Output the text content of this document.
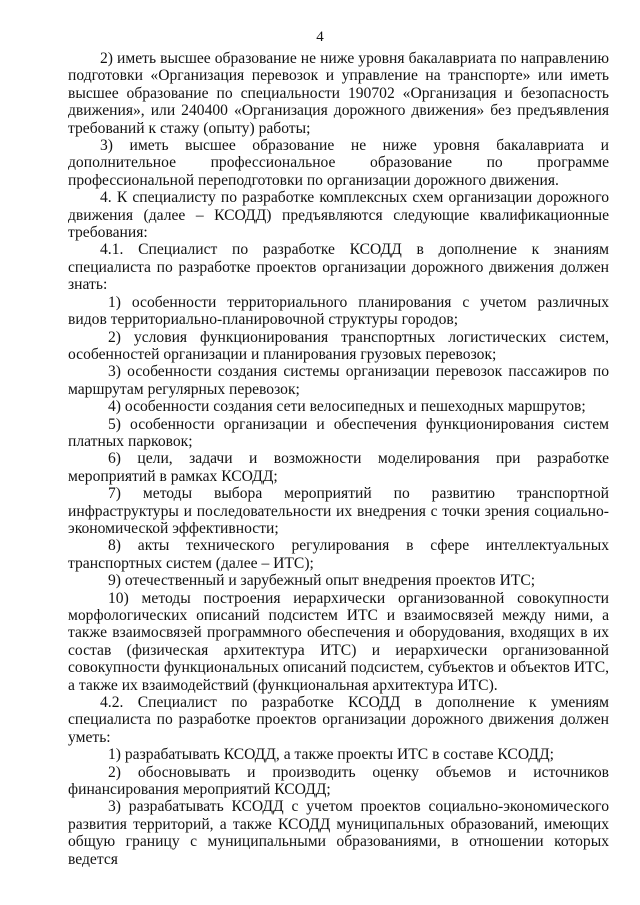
4

2) иметь высшее образование не ниже уровня бакалавриата по направлению подготовки «Организация перевозок и управление на транспорте» или иметь высшее образование по специальности 190702 «Организация и безопасность движения», или 240400 «Организация дорожного движения» без предъявления требований к стажу (опыту) работы;

3) иметь высшее образование не ниже уровня бакалавриата и дополнительное профессиональное образование по программе профессиональной переподготовки по организации дорожного движения.

4. К специалисту по разработке комплексных схем организации дорожного движения (далее – КСОДД) предъявляются следующие квалификационные требования:

4.1. Специалист по разработке КСОДД в дополнение к знаниям специалиста по разработке проектов организации дорожного движения должен знать:

1) особенности территориального планирования с учетом различных видов территориально-планировочной структуры городов;

2) условия функционирования транспортных логистических систем, особенностей организации и планирования грузовых перевозок;

3) особенности создания системы организации перевозок пассажиров по маршрутам регулярных перевозок;

4) особенности создания сети велосипедных и пешеходных маршрутов;

5) особенности организации и обеспечения функционирования систем платных парковок;

6) цели, задачи и возможности моделирования при разработке мероприятий в рамках КСОДД;

7) методы выбора мероприятий по развитию транспортной инфраструктуры и последовательности их внедрения с точки зрения социально-экономической эффективности;

8) акты технического регулирования в сфере интеллектуальных транспортных систем (далее – ИТС);

9) отечественный и зарубежный опыт внедрения проектов ИТС;

10) методы построения иерархически организованной совокупности морфологических описаний подсистем ИТС и взаимосвязей между ними, а также взаимосвязей программного обеспечения и оборудования, входящих в их состав (физическая архитектура ИТС) и иерархически организованной совокупности функциональных описаний подсистем, субъектов и объектов ИТС, а также их взаимодействий (функциональная архитектура ИТС).

4.2. Специалист по разработке КСОДД в дополнение к умениям специалиста по разработке проектов организации дорожного движения должен уметь:

1) разрабатывать КСОДД, а также проекты ИТС в составе КСОДД;

2) обосновывать и производить оценку объемов и источников финансирования мероприятий КСОДД;

3) разрабатывать КСОДД с учетом проектов социально-экономического развития территорий, а также КСОДД муниципальных образований, имеющих общую границу с муниципальными образованиями, в отношении которых ведется
